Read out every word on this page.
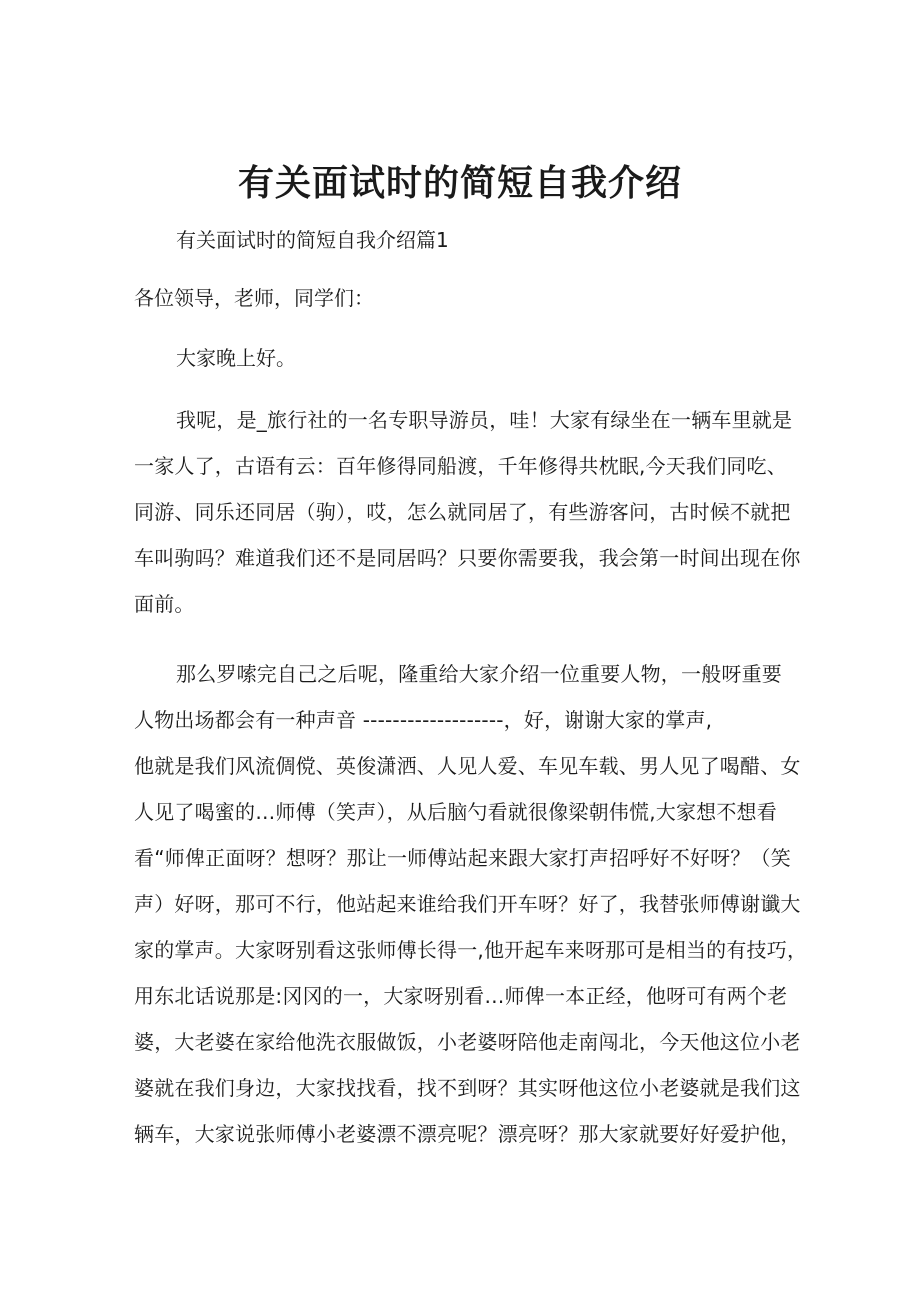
有关面试时的简短自我介绍

有关面试时的简短自我介绍篇1

各位领导，老师，同学们：

大家晚上好。

我呢，是_旅行社的一名专职导游员，哇！大家有绿坐在一辆车里就是
一家人了，古语有云：百年修得同船渡，千年修得共枕眠,今天我们同吃、
同游、同乐还同居（驹），哎，怎么就同居了，有些游客问，古时候不就把
车叫驹吗？难道我们还不是同居吗？只要你需要我，我会第一时间出现在你
面前。
那么罗嗦完自己之后呢，隆重给大家介绍一位重要人物，一般呀重要
人物出场都会有一种声音 -------------------，好，谢谢大家的掌声,
他就是我们风流倜傥、英俊潇洒、人见人爱、车见车载、男人见了喝醋、女
人见了喝蜜的…师傅（笑声），从后脑勺看就很像梁朝伟慌,大家想不想看
看“师俾正面呀？想呀？那让一师傅站起来跟大家打声招呼好不好呀？（笑
声）好呀，那可不行，他站起来谁给我们开车呀？好了，我替张师傅谢谶大
家的掌声。大家呀别看这张师傅长得一,他开起车来呀那可是相当的有技巧，
用东北话说那是:冈冈的一，大家呀别看…师俾一本正经，他呀可有两个老
婆，大老婆在家给他洗衣服做饭，小老婆呀陪他走南闯北，今天他这位小老
婆就在我们身边，大家找找看，找不到呀？其实呀他这位小老婆就是我们这
辆车，大家说张师傅小老婆漂不漂亮呢？漂亮呀？那大家就要好好爱护他，
